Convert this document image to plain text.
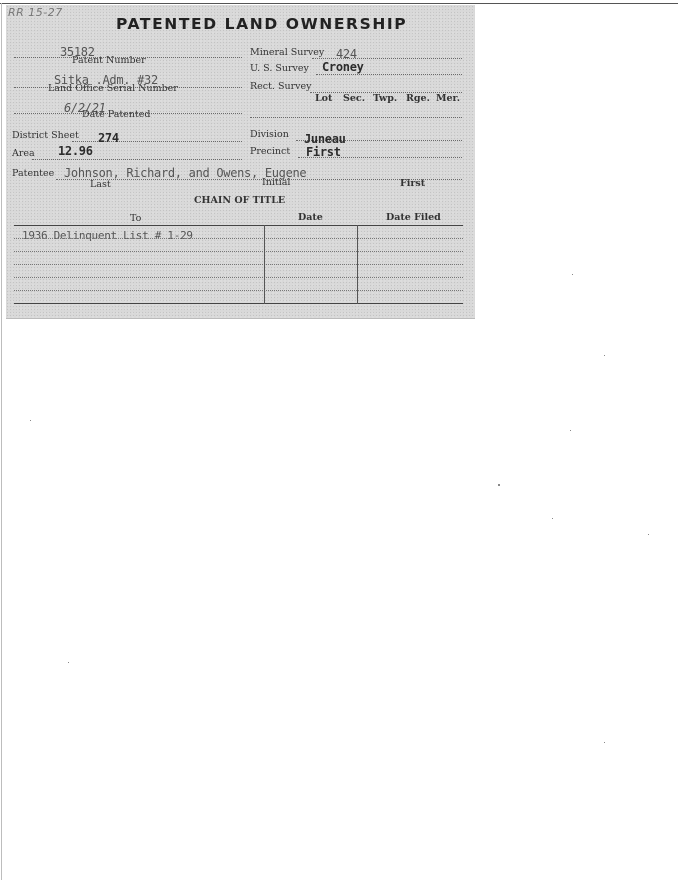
RR 15-27
PATENTED LAND OWNERSHIP
35182
Patent Number
Sitka .Adm. #32
Land Office Serial Number
6/2/21
Date Patented
District Sheet 274
Area 12.96
Mineral Survey 424
U. S. Survey Croney
Rect. Survey
Lot Sec. Twp. Rge. Mer.
Division Juneau
Precinct First
Patentee Johnson, Richard, and Owens, Eugene
Last	Initial	First
CHAIN OF TITLE
To	Date	Date Filed
1936 Delinquent List # 1-29
